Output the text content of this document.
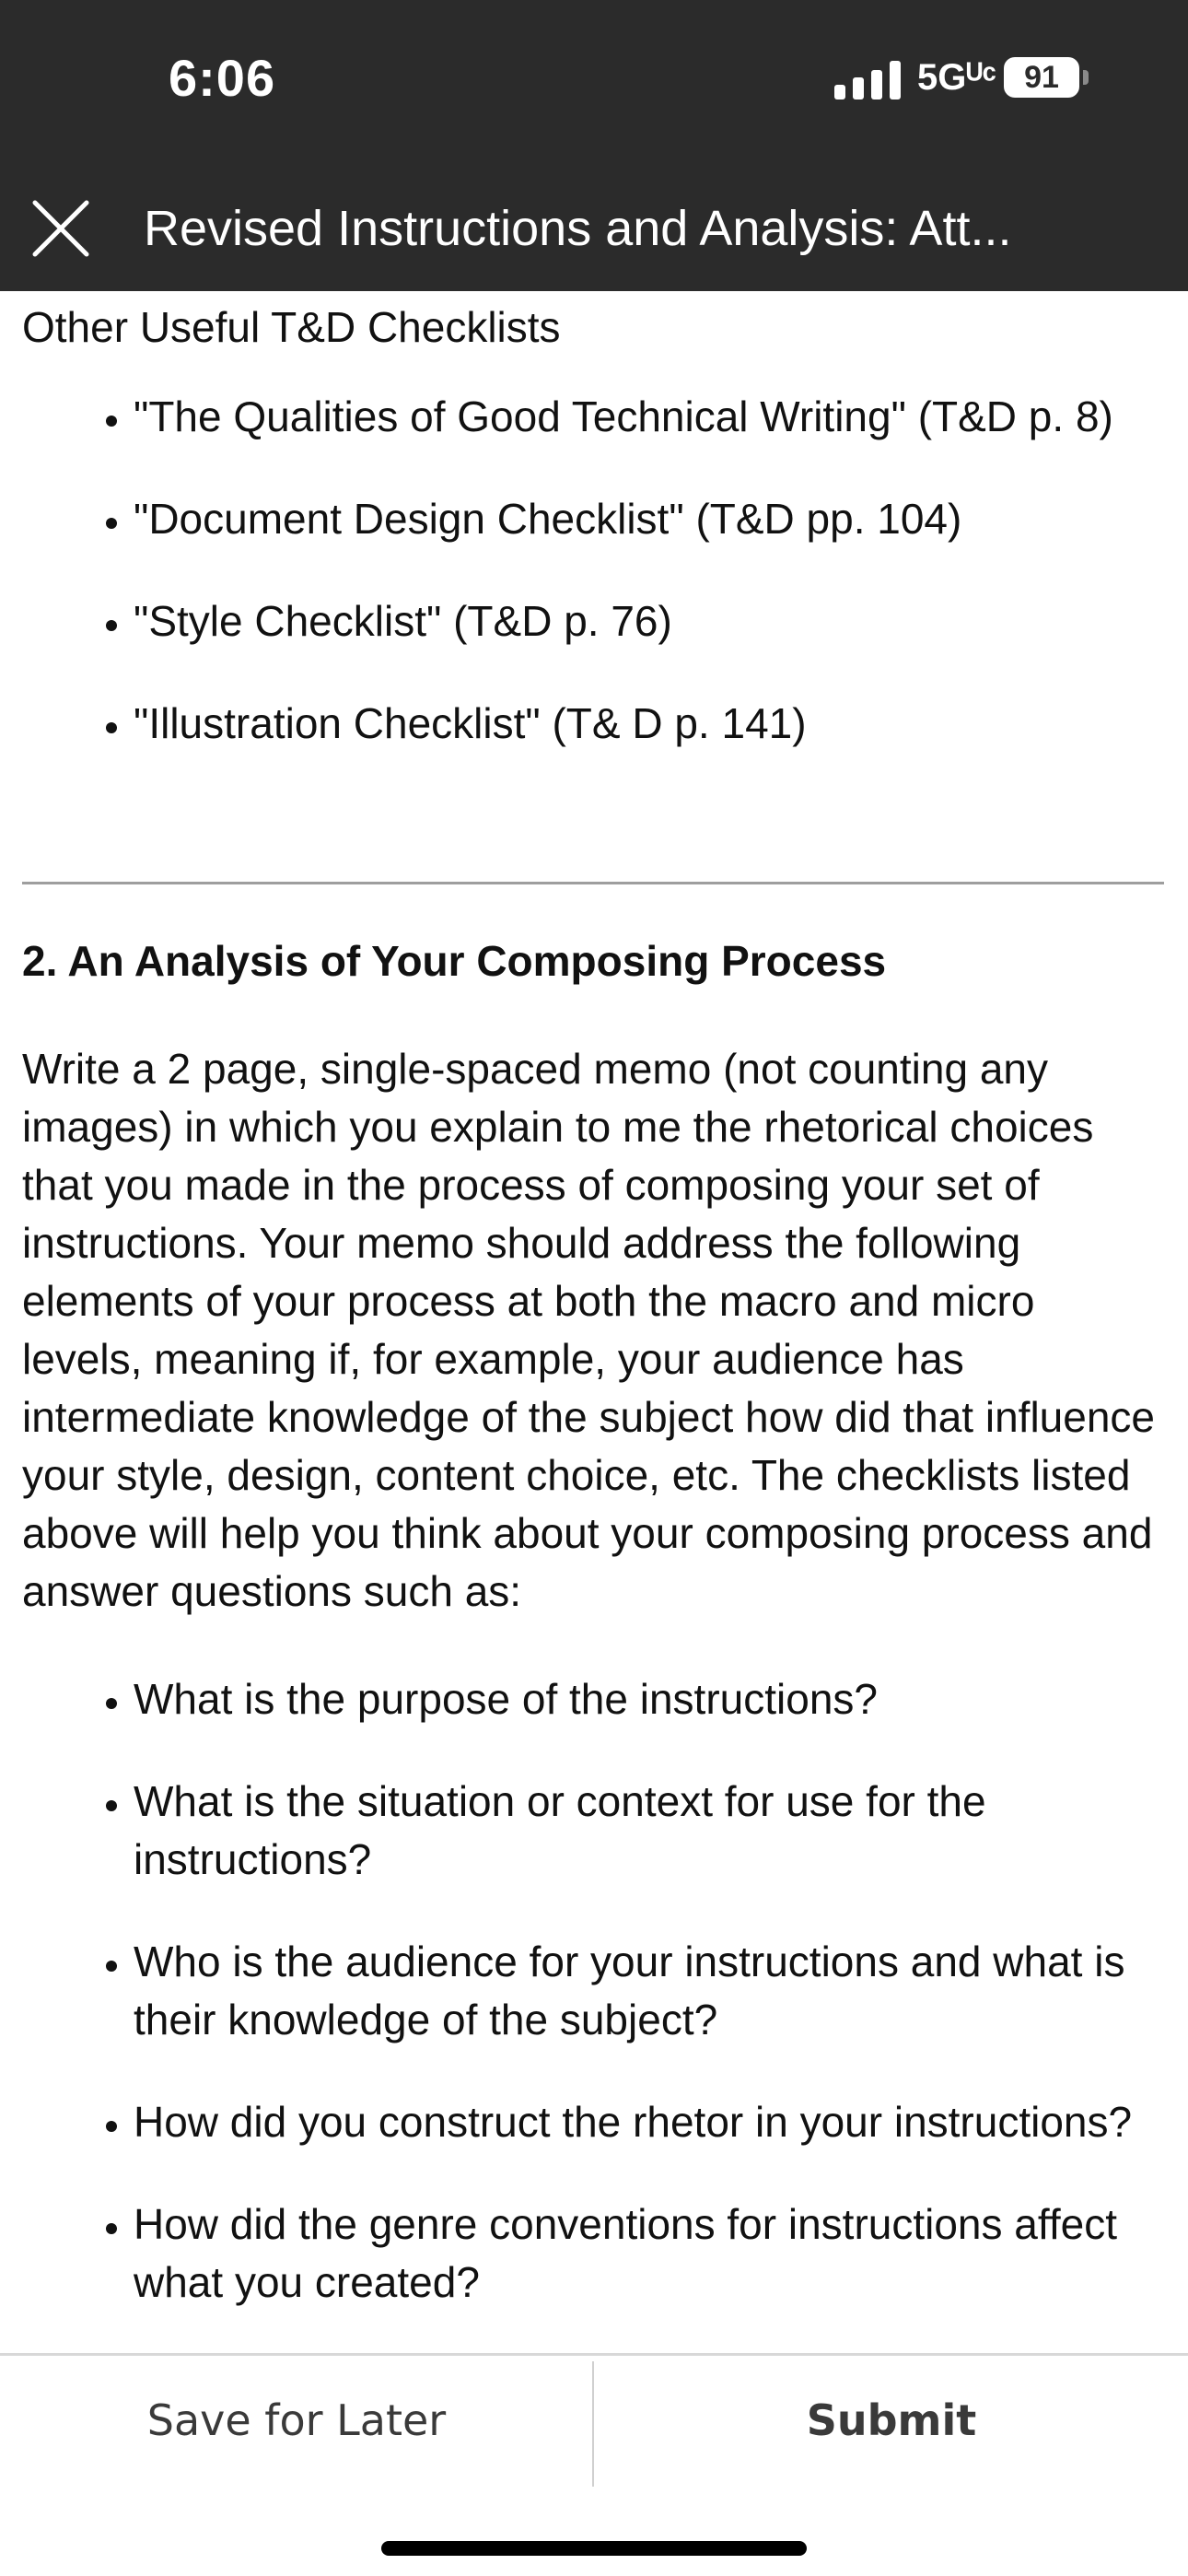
6:06	5Gᵁᶜ 91
Revised Instructions and Analysis: Att...
Other Useful T&D Checklists
• "The Qualities of Good Technical Writing" (T&D p. 8)
• "Document Design Checklist" (T&D pp. 104)
• "Style Checklist" (T&D p. 76)
• "Illustration Checklist" (T& D p. 141)
2. An Analysis of Your Composing Process
Write a 2 page, single-spaced memo (not counting any images) in which you explain to me the rhetorical choices that you made in the process of composing your set of instructions. Your memo should address the following elements of your process at both the macro and micro levels, meaning if, for example, your audience has intermediate knowledge of the subject how did that influence your style, design, content choice, etc. The checklists listed above will help you think about your composing process and answer questions such as:
• What is the purpose of the instructions?
• What is the situation or context for use for the instructions?
• Who is the audience for your instructions and what is their knowledge of the subject?
• How did you construct the rhetor in your instructions?
• How did the genre conventions for instructions affect what you created?
Save for Later	Submit
